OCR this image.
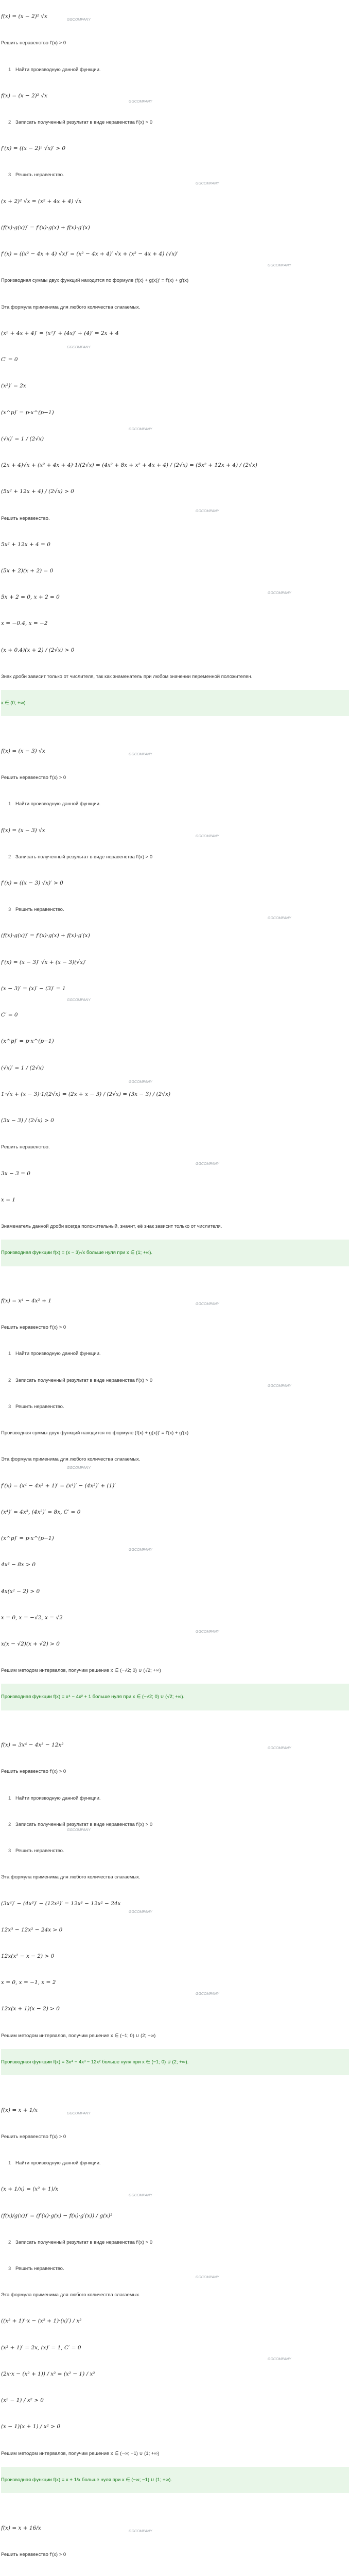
f(x) = (x − 2)² √x
Решить неравенство f′(x) > 0
1 Найти производную данной функции.
f(x) = (x − 2)² √x
2 Записать полученный результат в виде неравенства f′(x) > 0
f′(x) = ((x − 2)² √x)′ > 0
3 Решить неравенство.
(x + 2)² √x = (x² + 4x + 4) √x
(f(x)·g(x))′ = f′(x)·g(x) + f(x)·g′(x)
f′(x) = ((x² − 4x + 4) √x)′ = (x² − 4x + 4)′ √x + (x² − 4x + 4) (√x)′
Производная суммы двух функций находится по формуле (f(x) + g(x))′ = f′(x) + g′(x)
Эта формула применима для любого количества слагаемых.
(x² + 4x + 4)′ = (x²)′ + (4x)′ + (4)′ = 2x + 4
C′ = 0
(x²)′ = 2x
(x^p)′ = p·x^(p−1)
(√x)′ = 1 / (2√x)
(2x + 4)√x + (x² + 4x + 4)·1/(2√x) = (4x² + 8x + x² + 4x + 4) / (2√x) = (5x² + 12x + 4) / (2√x)
(5x² + 12x + 4) / (2√x) > 0
Решить неравенство.
5x² + 12x + 4 = 0
(5x + 2)(x + 2) = 0
5x + 2 = 0, x + 2 = 0
x = −0.4, x = −2
(x + 0.4)(x + 2) / (2√x) > 0
Знак дроби зависит только от числителя, так как знаменатель при любом значении переменной положителен.
x ∈ (0; +∞)
GGCOMPANY
GGCOMPANY
GGCOMPANY
GGCOMPANY
GGCOMPANY
GGCOMPANY
GGCOMPANY
GGCOMPANY
f(x) = (x − 3) √x
Решить неравенство f′(x) > 0
1 Найти производную данной функции.
f(x) = (x − 3) √x
2 Записать полученный результат в виде неравенства f′(x) > 0
f′(x) = ((x − 3) √x)′ > 0
3 Решить неравенство.
(f(x)·g(x))′ = f′(x)·g(x) + f(x)·g′(x)
f′(x) = (x − 3)′ √x + (x − 3)(√x)′
(x − 3)′ = (x)′ − (3)′ = 1
C′ = 0
(x^p)′ = p·x^(p−1)
(√x)′ = 1 / (2√x)
1·√x + (x − 3)·1/(2√x) = (2x + x − 3) / (2√x) = (3x − 3) / (2√x)
(3x − 3) / (2√x) > 0
Решить неравенство.
3x − 3 = 0
x = 1
Знаменатель данной дроби всегда положительный, значит, её знак зависит только от числителя.
Производная функции f(x) = (x − 3)√x больше нуля при x ∈ (1; +∞).
GGCOMPANY
GGCOMPANY
GGCOMPANY
GGCOMPANY
GGCOMPANY
GGCOMPANY
f(x) = x⁴ − 4x² + 1
Решить неравенство f′(x) > 0
1 Найти производную данной функции.
2 Записать полученный результат в виде неравенства f′(x) > 0
3 Решить неравенство.
Производная суммы двух функций находится по формуле (f(x) + g(x))′ = f′(x) + g′(x)
Эта формула применима для любого количества слагаемых.
f′(x) = (x⁴ − 4x² + 1)′ = (x⁴)′ − (4x²)′ + (1)′
(x⁴)′ = 4x³, (4x²)′ = 8x, C′ = 0
(x^p)′ = p·x^(p−1)
4x³ − 8x > 0
4x(x² − 2) > 0
x = 0, x = −√2, x = √2
x(x − √2)(x + √2) > 0
Решим методом интервалов, получим решение x ∈ (−√2; 0) ∪ (√2; +∞)
Производная функции f(x) = x⁴ − 4x² + 1 больше нуля при x ∈ (−√2; 0) ∪ (√2; +∞).
GGCOMPANY
GGCOMPANY
GGCOMPANY
GGCOMPANY
GGCOMPANY
f(x) = 3x⁴ − 4x³ − 12x²
Решить неравенство f′(x) > 0
1 Найти производную данной функции.
2 Записать полученный результат в виде неравенства f′(x) > 0
3 Решить неравенство.
Эта формула применима для любого количества слагаемых.
(3x⁴)′ − (4x³)′ − (12x²)′ = 12x³ − 12x² − 24x
12x³ − 12x² − 24x > 0
12x(x² − x − 2) > 0
x = 0, x = −1, x = 2
12x(x + 1)(x − 2) > 0
Решим методом интервалов, получим решение x ∈ (−1; 0) ∪ (2; +∞)
Производная функции f(x) = 3x⁴ − 4x³ − 12x² больше нуля при x ∈ (−1; 0) ∪ (2; +∞).
GGCOMPANY
GGCOMPANY
GGCOMPANY
GGCOMPANY
f(x) = x + 1/x
Решить неравенство f′(x) > 0
1 Найти производную данной функции.
(x + 1/x) = (x² + 1)/x
(f(x)/g(x))′ = (f′(x)·g(x) − f(x)·g′(x)) / g(x)²
2 Записать полученный результат в виде неравенства f′(x) > 0
3 Решить неравенство.
Эта формула применима для любого количества слагаемых.
((x² + 1)′·x − (x² + 1)·(x)′) / x²
(x² + 1)′ = 2x, (x)′ = 1, C′ = 0
(2x·x − (x² + 1)) / x² = (x² − 1) / x²
(x² − 1) / x² > 0
(x − 1)(x + 1) / x² > 0
Решим методом интервалов, получим решение x ∈ (−∞; −1) ∪ (1; +∞)
Производная функции f(x) = x + 1/x больше нуля при x ∈ (−∞; −1) ∪ (1; +∞).
GGCOMPANY
GGCOMPANY
GGCOMPANY
GGCOMPANY
f(x) = x + 16/x
Решить неравенство f′(x) > 0
GGCOMPANY
